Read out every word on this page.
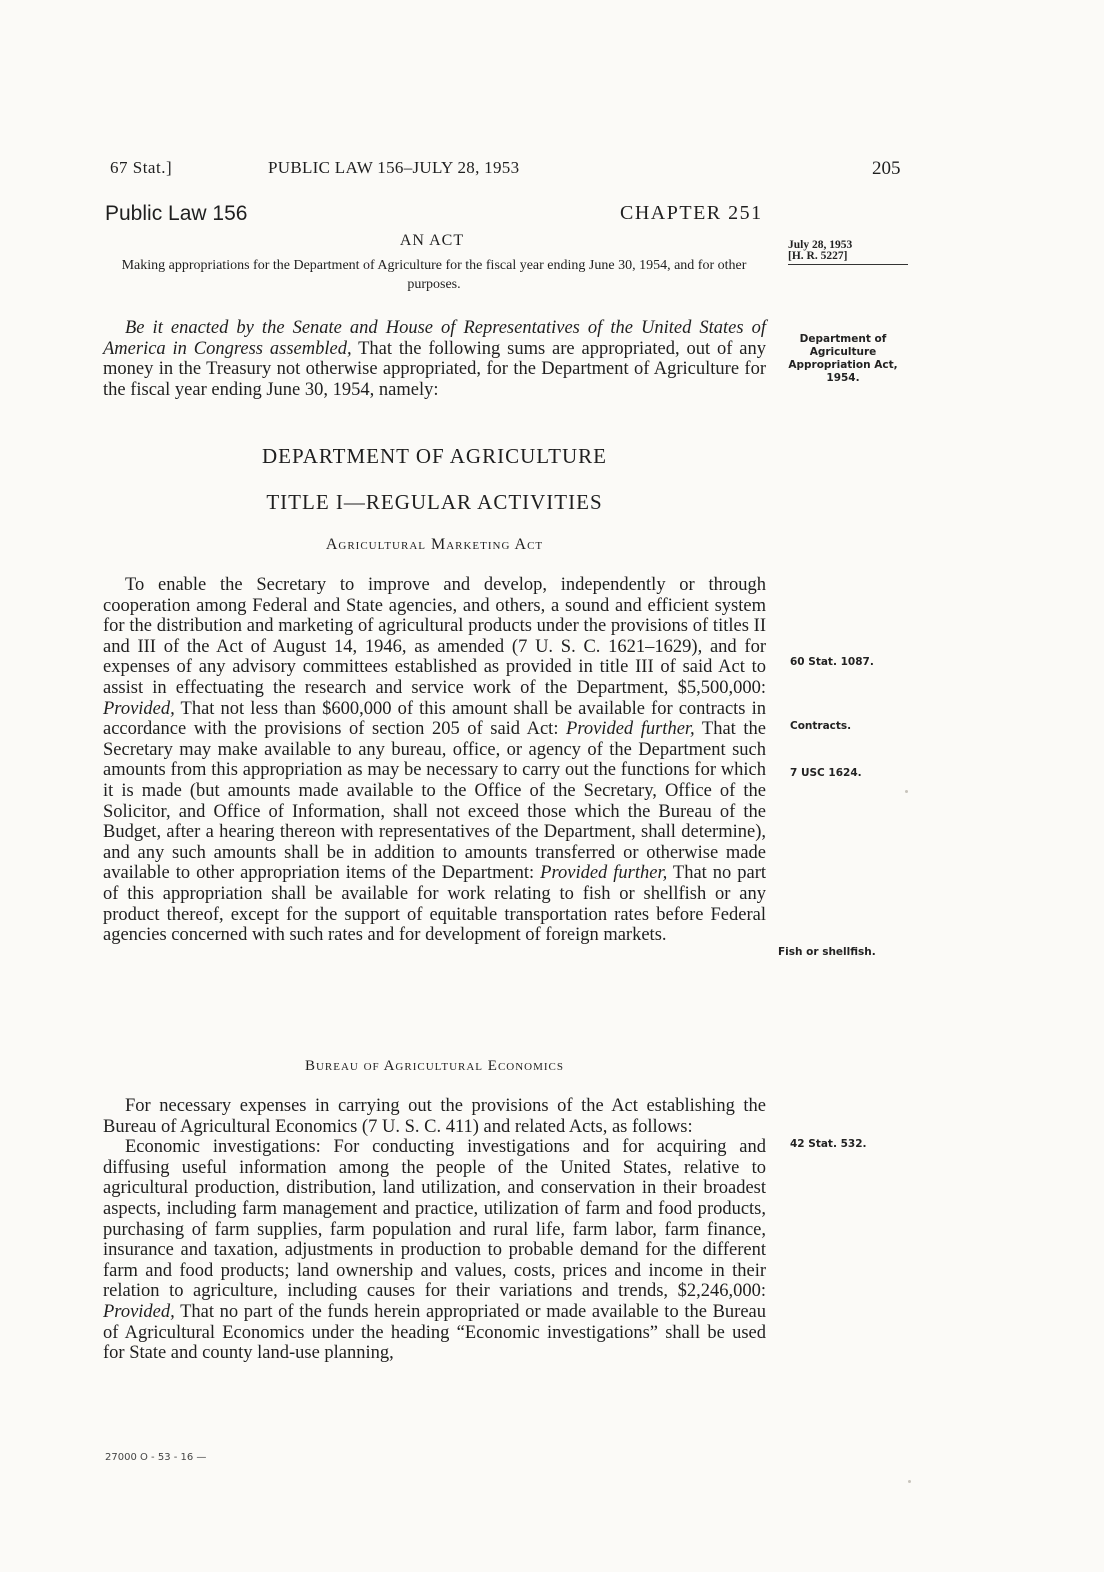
67 Stat.]	PUBLIC LAW 156–JULY 28, 1953	205
Public Law 156	CHAPTER 251
AN ACT
Making appropriations for the Department of Agriculture for the fiscal year ending June 30, 1954, and for other purposes.
July 28, 1953
[H. R. 5227]

Be it enacted by the Senate and House of Representatives of the United States of America in Congress assembled, That the following sums are appropriated, out of any money in the Treasury not otherwise appropriated, for the Department of Agriculture for the fiscal year ending June 30, 1954, namely:

DEPARTMENT OF AGRICULTURE
TITLE I—REGULAR ACTIVITIES
Agricultural Marketing Act

To enable the Secretary to improve and develop, independently or through cooperation among Federal and State agencies, and others, a sound and efficient system for the distribution and marketing of agricultural products under the provisions of titles II and III of the Act of August 14, 1946, as amended (7 U. S. C. 1621–1629), and for expenses of any advisory committees established as provided in title III of said Act to assist in effectuating the research and service work of the Department, $5,500,000: Provided, That not less than $600,000 of this amount shall be available for contracts in accordance with the provisions of section 205 of said Act: Provided further, That the Secretary may make available to any bureau, office, or agency of the Department such amounts from this appropriation as may be necessary to carry out the functions for which it is made (but amounts made available to the Office of the Secretary, Office of the Solicitor, and Office of Information, shall not exceed those which the Bureau of the Budget, after a hearing thereon with representatives of the Department, shall determine), and any such amounts shall be in addition to amounts transferred or otherwise made available to other appropriation items of the Department: Provided further, That no part of this appropriation shall be available for work relating to fish or shellfish or any product thereof, except for the support of equitable transportation rates before Federal agencies concerned with such rates and for development of foreign markets.

Bureau of Agricultural Economics

For necessary expenses in carrying out the provisions of the Act establishing the Bureau of Agricultural Economics (7 U. S. C. 411) and related Acts, as follows:

Economic investigations: For conducting investigations and for acquiring and diffusing useful information among the people of the United States, relative to agricultural production, distribution, land utilization, and conservation in their broadest aspects, including farm management and practice, utilization of farm and food products, purchasing of farm supplies, farm population and rural life, farm labor, farm finance, insurance and taxation, adjustments in production to probable demand for the different farm and food products; land ownership and values, costs, prices and income in their relation to agriculture, including causes for their variations and trends, $2,246,000: Provided, That no part of the funds herein appropriated or made available to the Bureau of Agricultural Economics under the heading “Economic investigations” shall be used for State and county land-use planning,

Department of Agriculture Appropriation Act, 1954.
60 Stat. 1087.
Contracts.
7 USC 1624.
Fish or shellfish.
42 Stat. 532.
27000 O - 53 - 16 —
